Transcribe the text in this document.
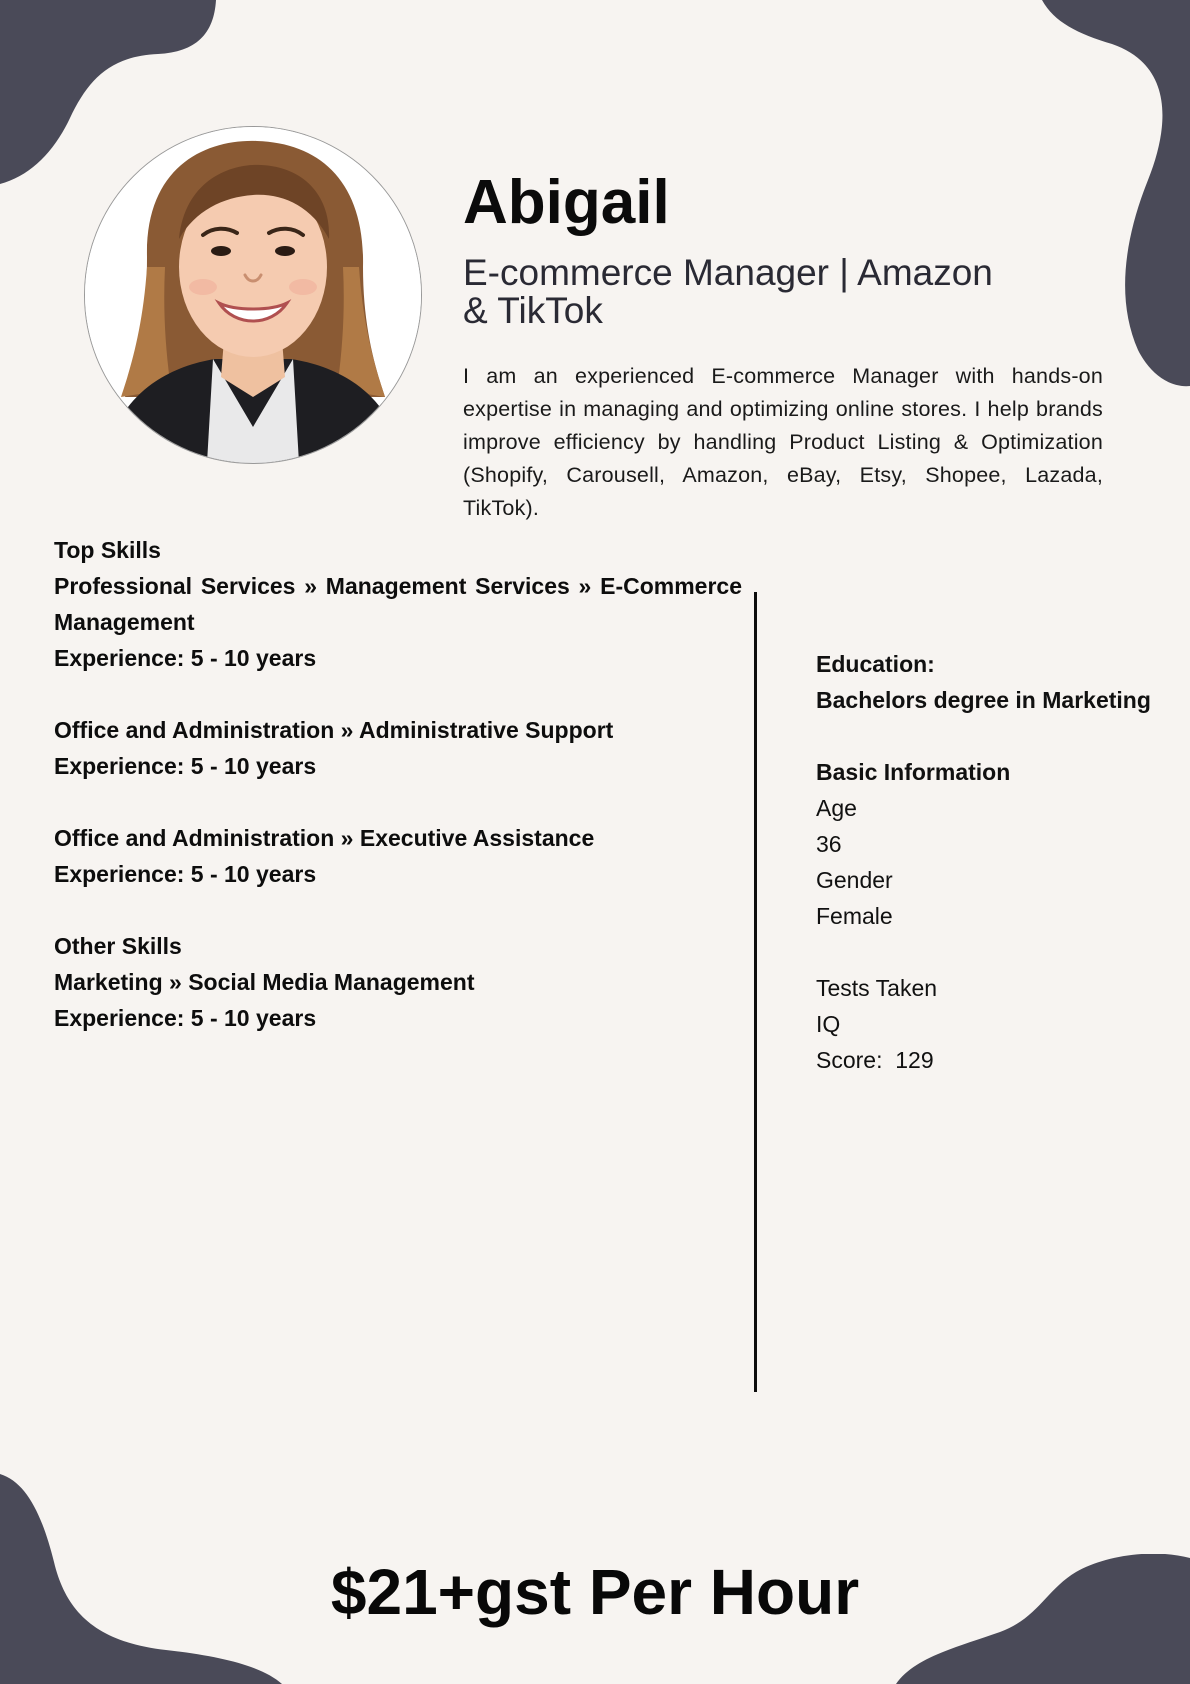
Abigail
E-commerce Manager | Amazon & TikTok

I am an experienced E-commerce Manager with hands-on expertise in managing and optimizing online stores. I help brands improve efficiency by handling Product Listing & Optimization (Shopify, Carousell, Amazon, eBay, Etsy, Shopee, Lazada, TikTok).

Top Skills
Professional Services » Management Services » E-Commerce Management
Experience: 5 - 10 years
Office and Administration » Administrative Support
Experience: 5 - 10 years
Office and Administration » Executive Assistance
Experience: 5 - 10 years
Other Skills
Marketing » Social Media Management
Experience: 5 - 10 years
Education:
Bachelors degree in Marketing
Basic Information
Age
36
Gender
Female
Tests Taken
IQ
Score:  129

$21+gst Per Hour
